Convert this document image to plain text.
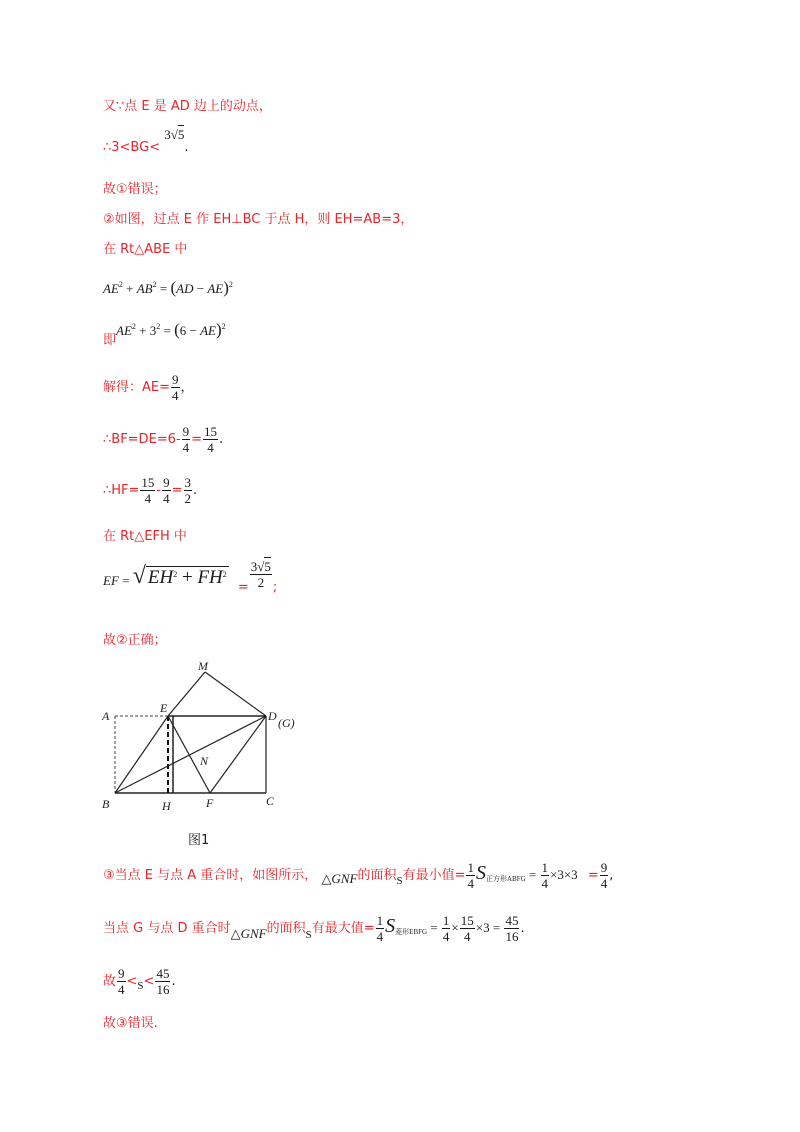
又∵点 E 是 AD 边上的动点，
∴3<BG< 3√5.
故①错误；
②如图，过点 E 作 EH⊥BC 于点 H，则 EH=AB=3，
在 Rt△ABE 中
$AE^2 + AB^2 = (AD - AE)^2$
即$AE^2 + 3^2 = (6 - AE)^2$
解得：$AE= \frac{9}{4}$ ，
∴BF=DE=6- $\frac{9}{4} = \frac{15}{4}$ .
∴HF= $\frac{15}{4} - \frac{9}{4} = \frac{3}{2}$ .
在 Rt△EFH 中
$_{EF}$ $_=$ √ $EH^2 + FH^2$ $_= \frac{3√5}{2} _;$
故②正确；
M
A
E
D (G)
N
B	H	F	C
图1
③当点 E 与点 A 重合时，如图所示， △GNF的面积$_S$有最小值= $\frac{1}{4}$ S正方形ABFG = $\frac{1}{4} \times 3\times 3 = \frac{9}{4}$ ,
当点 G 与点 D 重合时△GNF的面积$_S$有最大值= $\frac{1}{4}$ S菱形EBFG = $\frac{1}{4} \times \frac{15}{4} \times 3 = \frac{45}{16}$ .
故 $\frac{9}{4} <_S< \frac{45}{16}$ .
故③错误.
